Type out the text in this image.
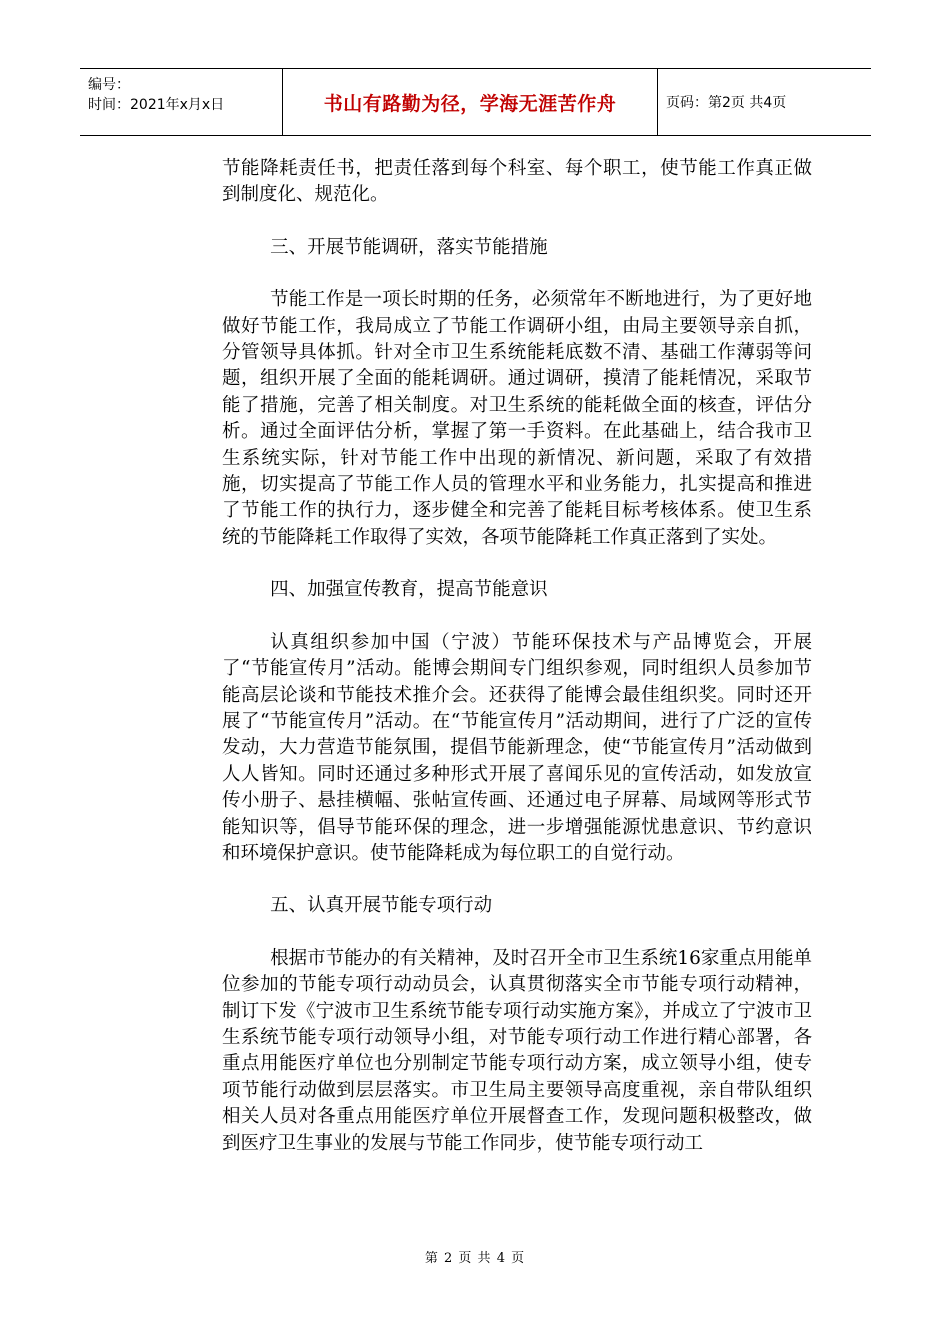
编号：
时间：2021年x月x日	书山有路勤为径，学海无涯苦作舟	页码：第2页 共4页

节能降耗责任书，把责任落到每个科室、每个职工，使节能工作真正做到制度化、规范化。

三、开展节能调研，落实节能措施

节能工作是一项长时期的任务，必须常年不断地进行，为了更好地做好节能工作，我局成立了节能工作调研小组，由局主要领导亲自抓，分管领导具体抓。针对全市卫生系统能耗底数不清、基础工作薄弱等问题，组织开展了全面的能耗调研。通过调研，摸清了能耗情况，采取节能了措施，完善了相关制度。对卫生系统的能耗做全面的核查，评估分析。通过全面评估分析，掌握了第一手资料。在此基础上，结合我市卫生系统实际，针对节能工作中出现的新情况、新问题，采取了有效措施，切实提高了节能工作人员的管理水平和业务能力，扎实提高和推进了节能工作的执行力，逐步健全和完善了能耗目标考核体系。使卫生系统的节能降耗工作取得了实效，各项节能降耗工作真正落到了实处。

四、加强宣传教育，提高节能意识

认真组织参加中国（宁波）节能环保技术与产品博览会，开展了“节能宣传月”活动。能博会期间专门组织参观，同时组织人员参加节能高层论谈和节能技术推介会。还获得了能博会最佳组织奖。同时还开展了“节能宣传月”活动。在“节能宣传月”活动期间，进行了广泛的宣传发动，大力营造节能氛围，提倡节能新理念，使“节能宣传月”活动做到人人皆知。同时还通过多种形式开展了喜闻乐见的宣传活动，如发放宣传小册子、悬挂横幅、张帖宣传画、还通过电子屏幕、局域网等形式节能知识等，倡导节能环保的理念，进一步增强能源忧患意识、节约意识和环境保护意识。使节能降耗成为每位职工的自觉行动。

五、认真开展节能专项行动

根据市节能办的有关精神，及时召开全市卫生系统16家重点用能单位参加的节能专项行动动员会，认真贯彻落实全市节能专项行动精神，制订下发《宁波市卫生系统节能专项行动实施方案》，并成立了宁波市卫生系统节能专项行动领导小组，对节能专项行动工作进行精心部署，各重点用能医疗单位也分别制定节能专项行动方案，成立领导小组，使专项节能行动做到层层落实。市卫生局主要领导高度重视，亲自带队组织相关人员对各重点用能医疗单位开展督查工作，发现问题积极整改，做到医疗卫生事业的发展与节能工作同步，使节能专项行动工

第 2 页 共 4 页
